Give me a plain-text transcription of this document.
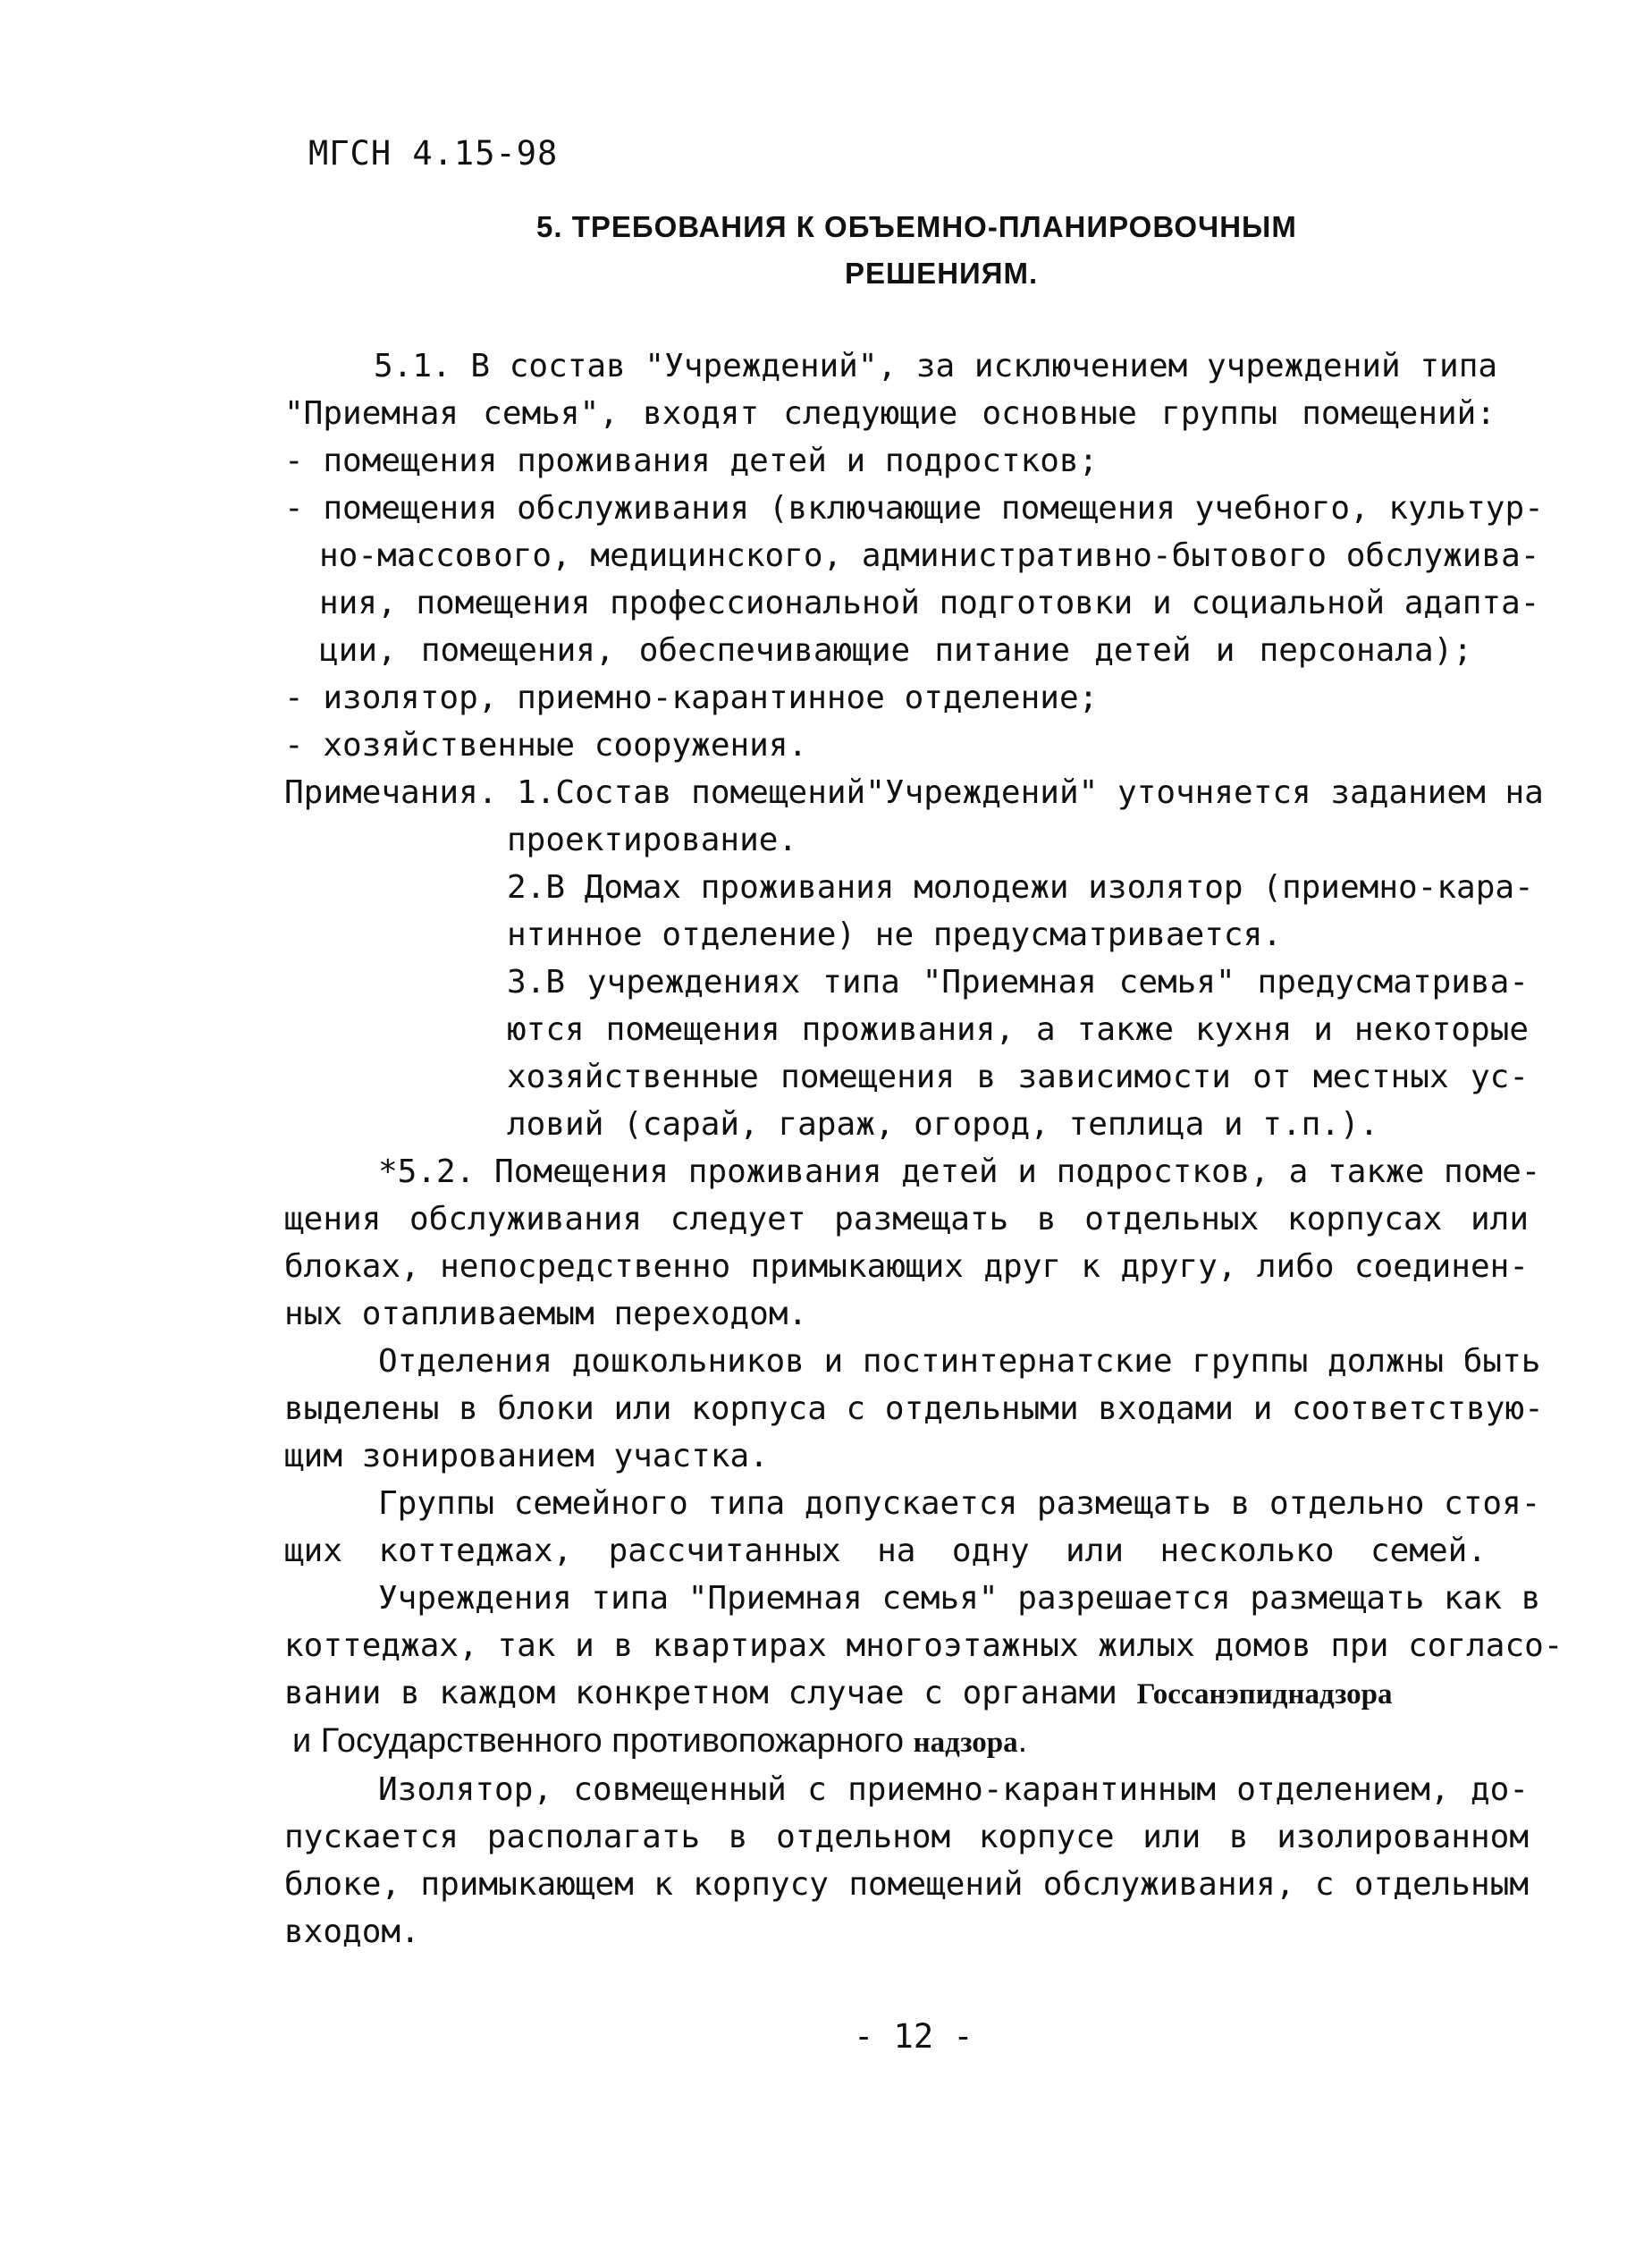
МГСН 4.15-98
5. ТРЕБОВАНИЯ К ОБЪЕМНО-ПЛАНИРОВОЧНЫМ
РЕШЕНИЯМ.
5.1. В состав "Учреждений", за исключением учреждений типа
"Приемная семья", входят следующие основные группы помещений:
- помещения проживания детей и подростков;
- помещения обслуживания (включающие помещения учебного, культур-
но-массового, медицинского, административно-бытового обслужива-
ния, помещения профессиональной подготовки и социальной адапта-
ции, помещения, обеспечивающие питание детей и персонала);
- изолятор, приемно-карантинное отделение;
- хозяйственные сооружения.
Примечания. 1.Состав помещений"Учреждений" уточняется заданием на
проектирование.
2.В Домах проживания молодежи изолятор (приемно-кара-
нтинное отделение) не предусматривается.
3.В учреждениях типа "Приемная семья" предусматрива-
ются помещения проживания, а также кухня и некоторые
хозяйственные помещения в зависимости от местных ус-
ловий (сарай, гараж, огород, теплица и т.п.).
*5.2. Помещения проживания детей и подростков, а также поме-
щения обслуживания следует размещать в отдельных корпусах или
блоках, непосредственно примыкающих друг к другу, либо соединен-
ных отапливаемым переходом.
Отделения дошкольников и постинтернатские группы должны быть
выделены в блоки или корпуса с отдельными входами и соответствую-
щим зонированием участка.
Группы семейного типа допускается размещать в отдельно стоя-
щих коттеджах, рассчитанных на одну или несколько семей.
Учреждения типа "Приемная семья" разрешается размещать как в
коттеджах, так и в квартирах многоэтажных жилых домов при согласо-
вании в каждом конкретном случае с органами Госсанэпиднадзора
и Государственного противопожарного надзора.
Изолятор, совмещенный с приемно-карантинным отделением, до-
пускается располагать в отдельном корпусе или в изолированном
блоке, примыкающем к корпусу помещений обслуживания, с отдельным
входом.
- 12 -
